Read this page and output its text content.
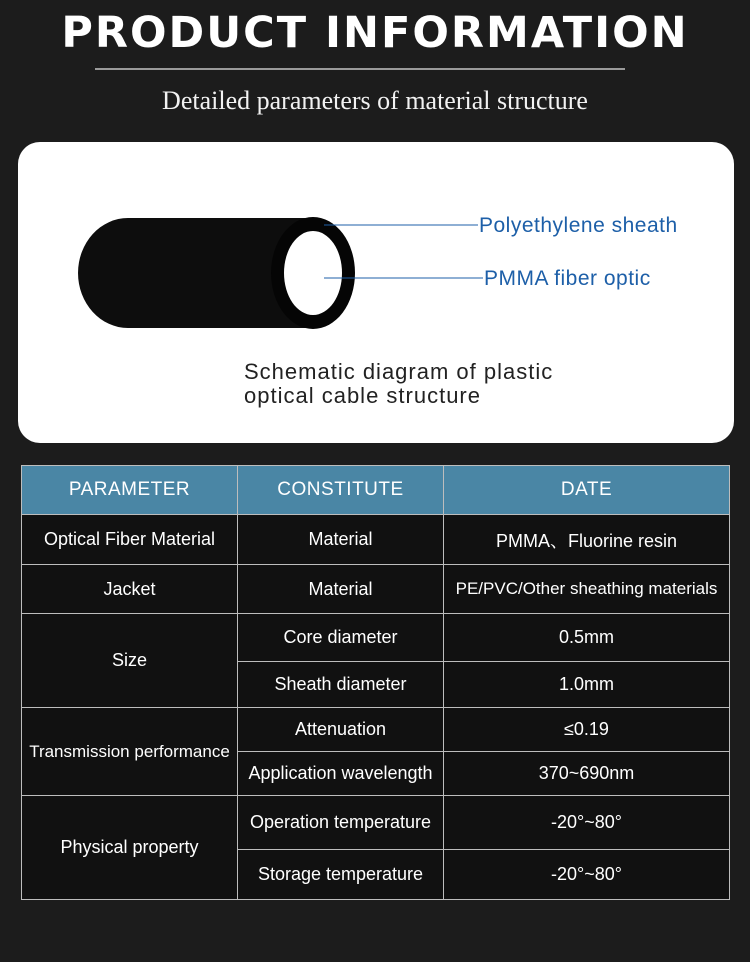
PRODUCT INFORMATION
Detailed parameters of material structure
Polyethylene sheath
PMMA fiber optic
Schematic diagram of plastic
optical cable structure
PARAMETER	CONSTITUTE	DATE
Optical Fiber Material	Material	PMMA、Fluorine resin
Jacket	Material	PE/PVC/Other sheathing materials
Size	Core diameter	0.5mm
	Sheath diameter	1.0mm
Transmission performance	Attenuation	≤0.19
	Application wavelength	370~690nm
Physical property	Operation temperature	-20°~80°
	Storage temperature	-20°~80°
